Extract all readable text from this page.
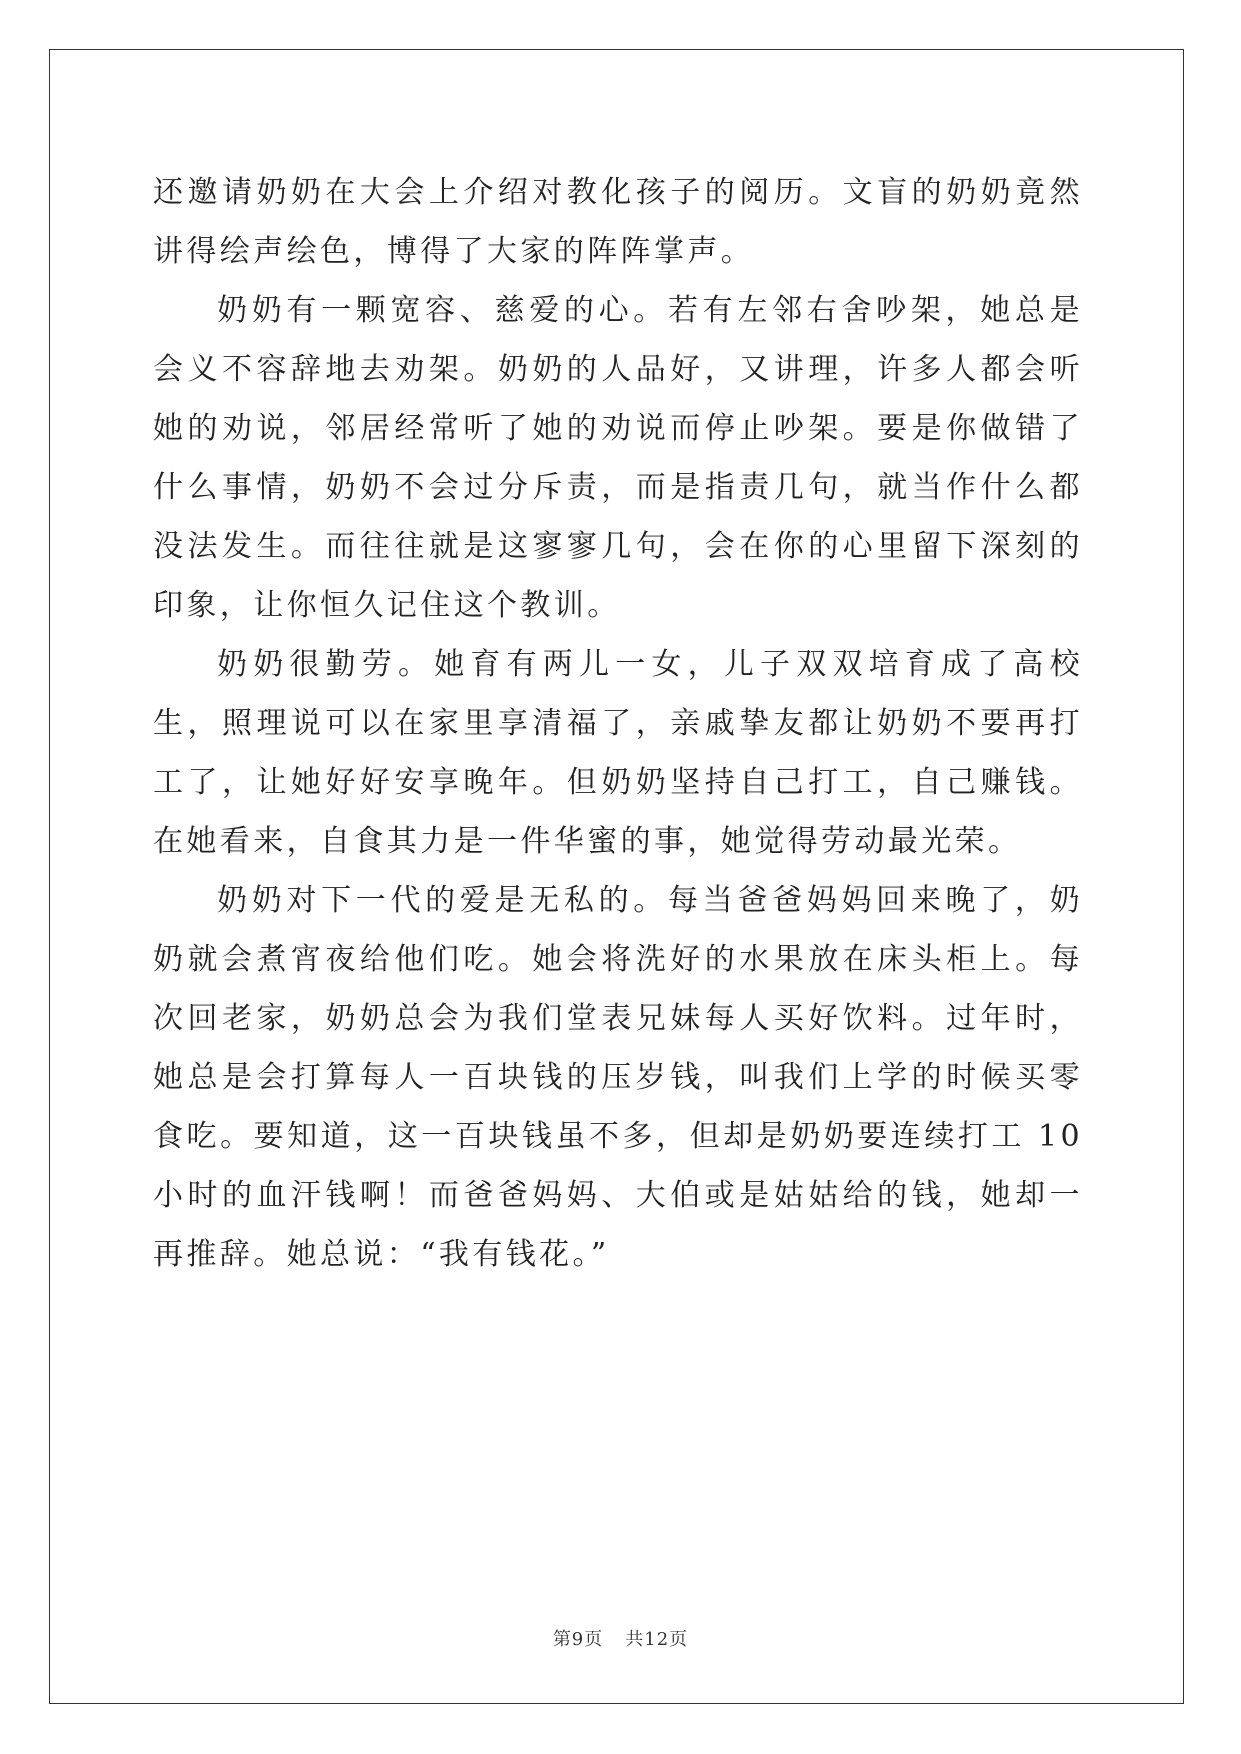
还邀请奶奶在大会上介绍对教化孩子的阅历。文盲的奶奶竟然讲得绘声绘色，博得了大家的阵阵掌声。

奶奶有一颗宽容、慈爱的心。若有左邻右舍吵架，她总是会义不容辞地去劝架。奶奶的人品好，又讲理，许多人都会听她的劝说，邻居经常听了她的劝说而停止吵架。要是你做错了什么事情，奶奶不会过分斥责，而是指责几句，就当作什么都没法发生。而往往就是这寥寥几句，会在你的心里留下深刻的印象，让你恒久记住这个教训。

奶奶很勤劳。她育有两儿一女，儿子双双培育成了高校生，照理说可以在家里享清福了，亲戚挚友都让奶奶不要再打工了，让她好好安享晚年。但奶奶坚持自己打工，自己赚钱。在她看来，自食其力是一件华蜜的事，她觉得劳动最光荣。

奶奶对下一代的爱是无私的。每当爸爸妈妈回来晚了，奶奶就会煮宵夜给他们吃。她会将洗好的水果放在床头柜上。每次回老家，奶奶总会为我们堂表兄妹每人买好饮料。过年时，她总是会打算每人一百块钱的压岁钱，叫我们上学的时候买零食吃。要知道，这一百块钱虽不多，但却是奶奶要连续打工 10 小时的血汗钱啊！而爸爸妈妈、大伯或是姑姑给的钱，她却一再推辞。她总说：“我有钱花。”

第9页 共12页
